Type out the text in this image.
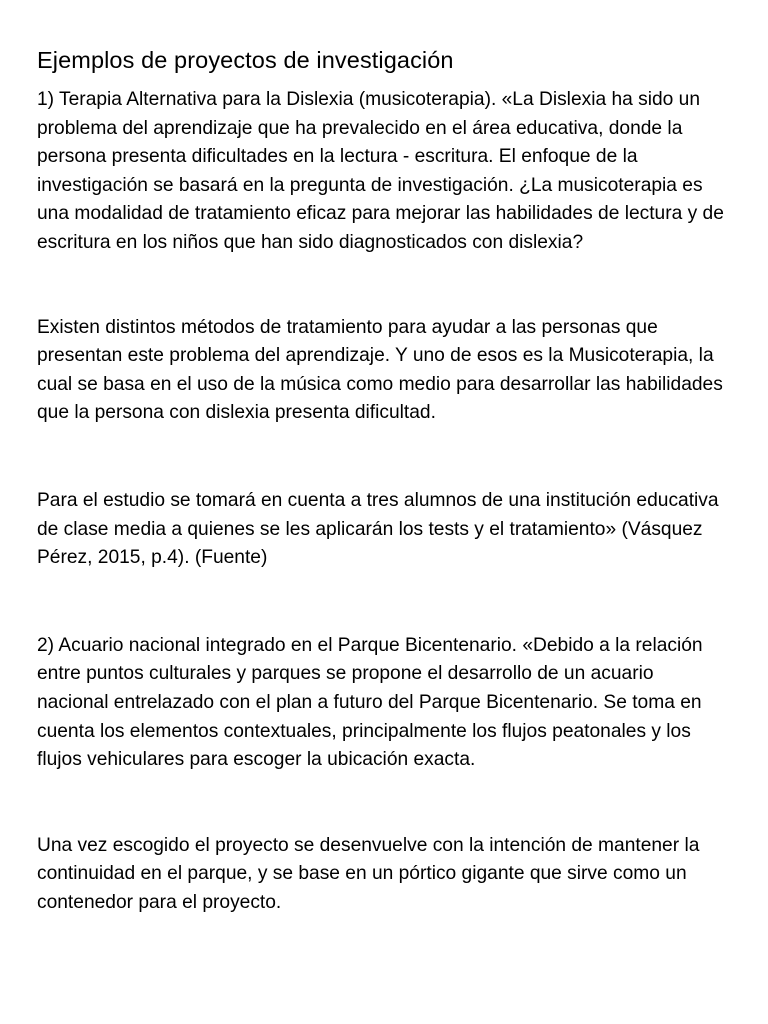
Ejemplos de proyectos de investigación

1) Terapia Alternativa para la Dislexia (musicoterapia). «La Dislexia ha sido un problema del aprendizaje que ha prevalecido en el área educativa, donde la persona presenta dificultades en la lectura - escritura. El enfoque de la investigación se basará en la pregunta de investigación. ¿La musicoterapia es una modalidad de tratamiento eficaz para mejorar las habilidades de lectura y de escritura en los niños que han sido diagnosticados con dislexia?

Existen distintos métodos de tratamiento para ayudar a las personas que presentan este problema del aprendizaje. Y uno de esos es la Musicoterapia, la cual se basa en el uso de la música como medio para desarrollar las habilidades que la persona con dislexia presenta dificultad.

Para el estudio se tomará en cuenta a tres alumnos de una institución educativa de clase media a quienes se les aplicarán los tests y el tratamiento» (Vásquez Pérez, 2015, p.4). (Fuente)

2) Acuario nacional integrado en el Parque Bicentenario. «Debido a la relación entre puntos culturales y parques se propone el desarrollo de un acuario nacional entrelazado con el plan a futuro del Parque Bicentenario. Se toma en cuenta los elementos contextuales, principalmente los flujos peatonales y los flujos vehiculares para escoger la ubicación exacta.

Una vez escogido el proyecto se desenvuelve con la intención de mantener la continuidad en el parque, y se base en un pórtico gigante que sirve como un contenedor para el proyecto.
